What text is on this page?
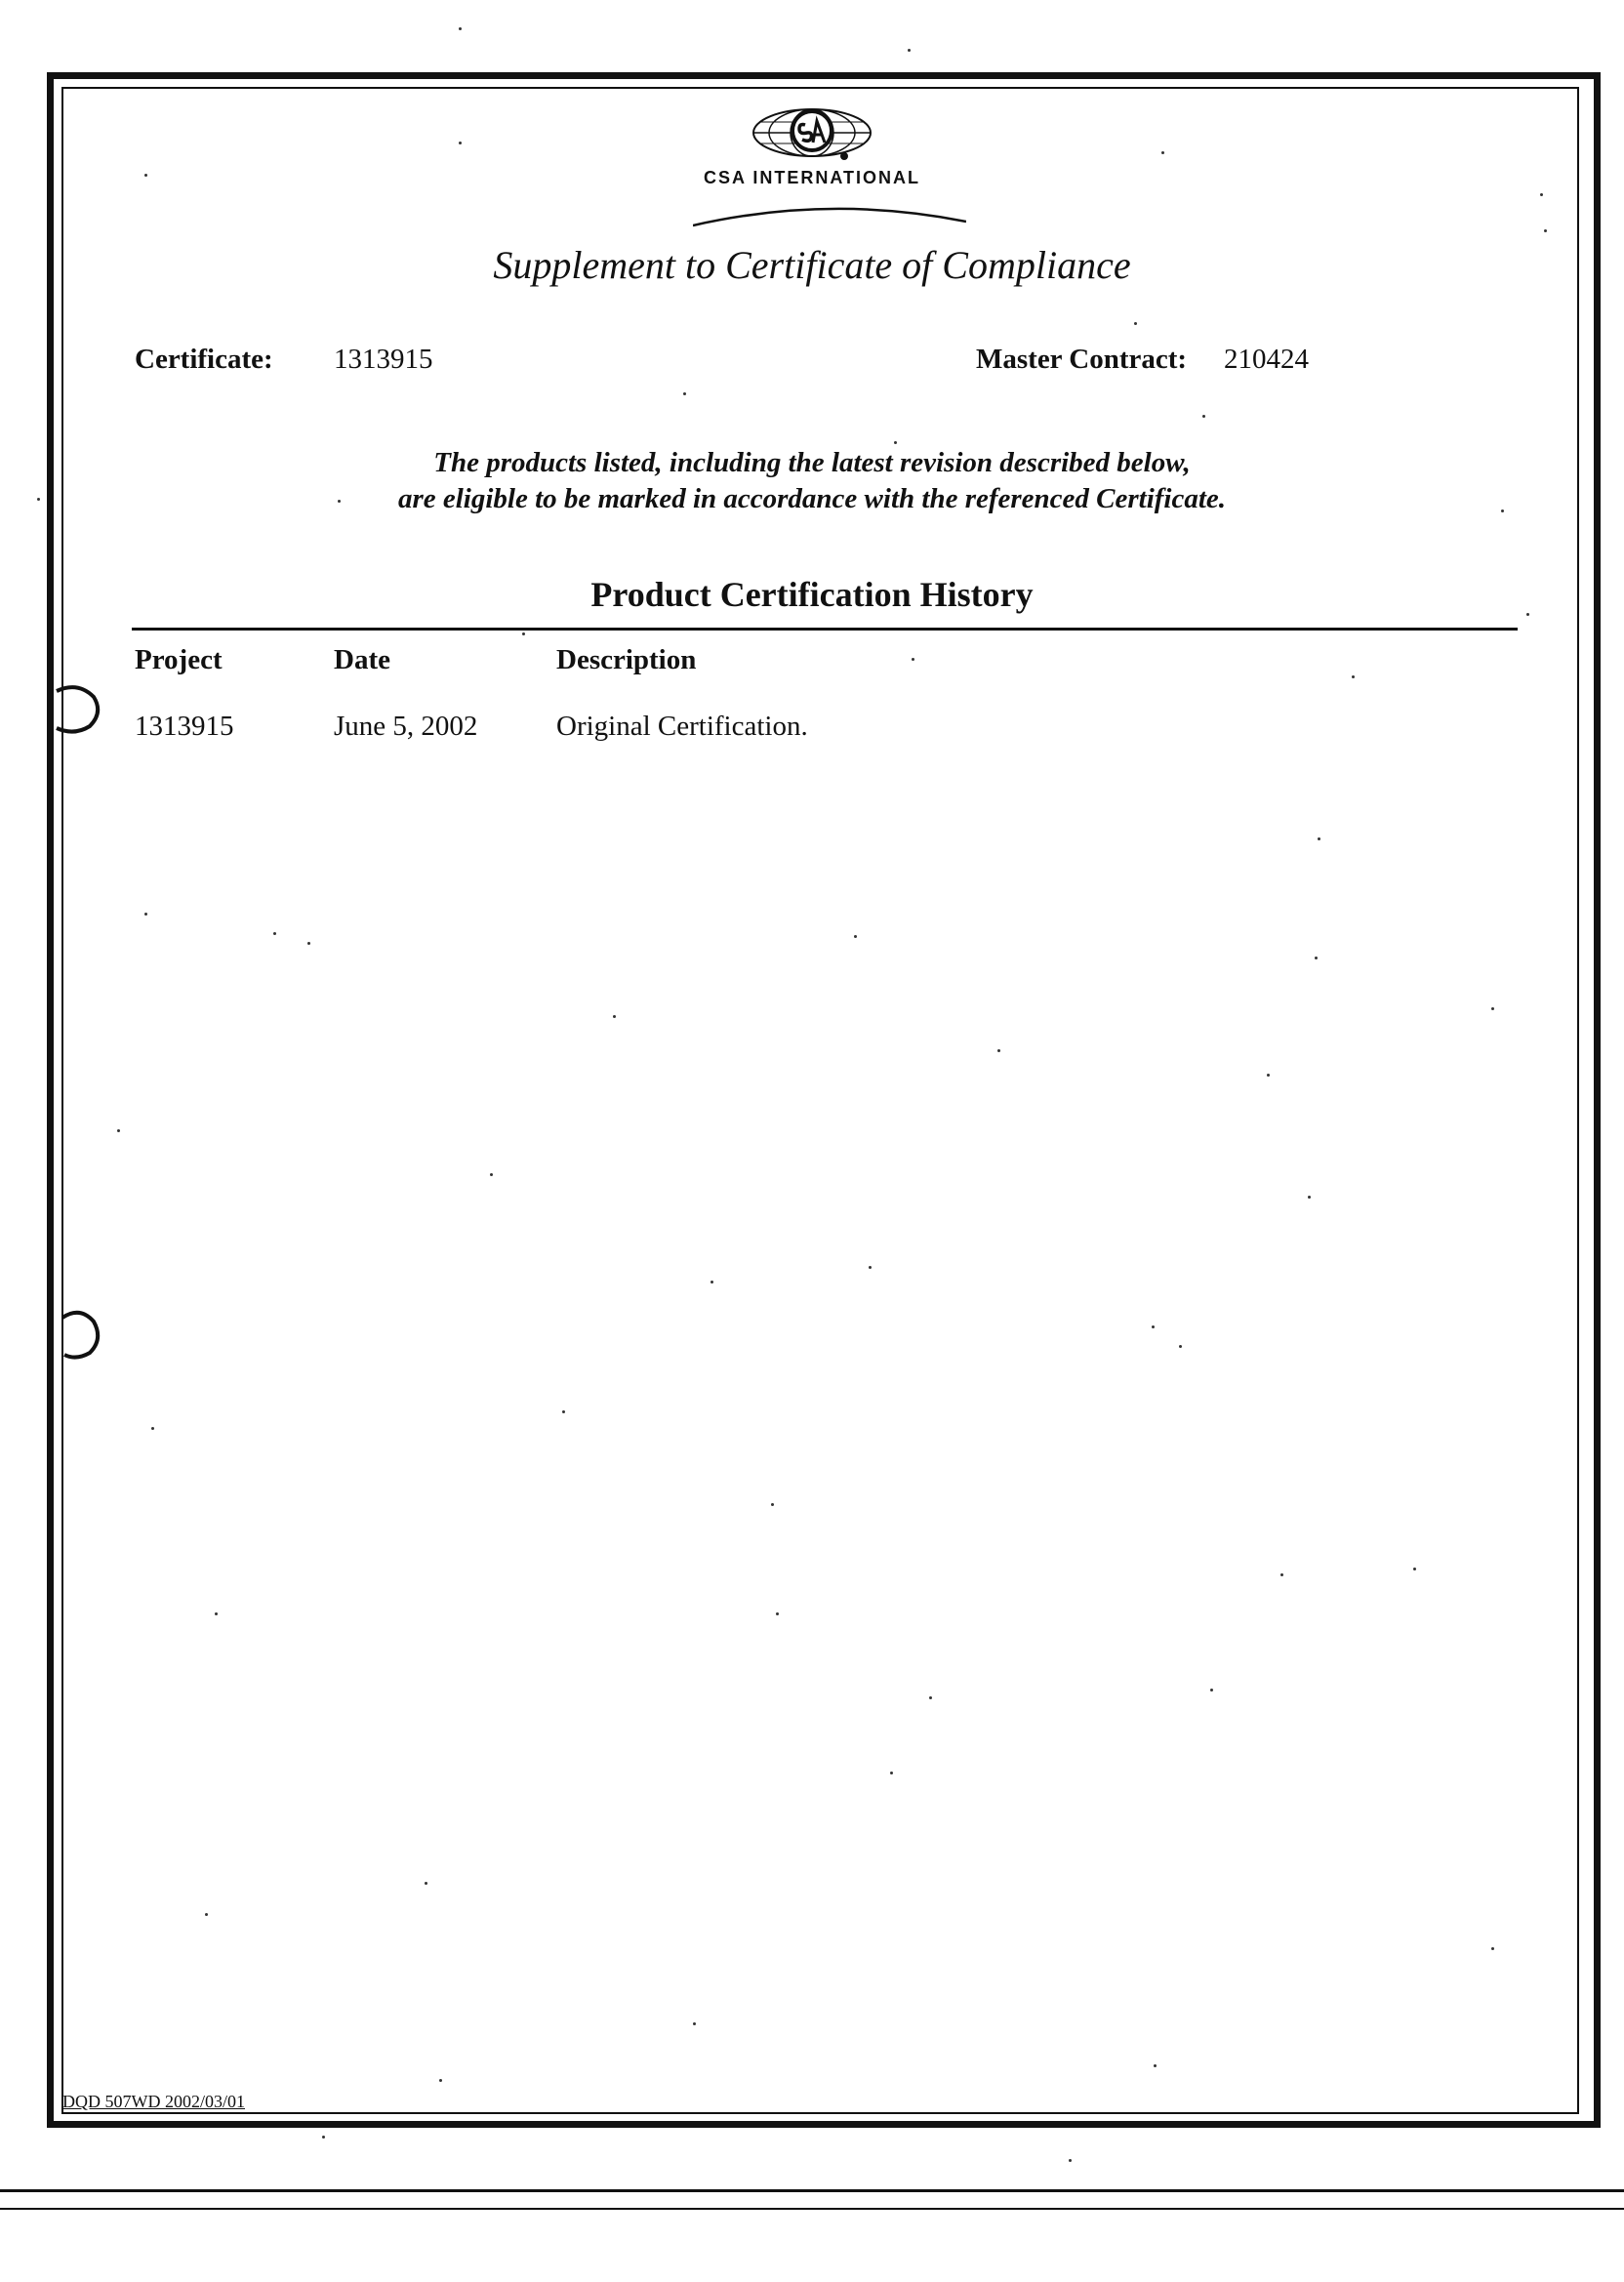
CSA INTERNATIONAL
Supplement to Certificate of Compliance
Certificate: 1313915	Master Contract: 210424
The products listed, including the latest revision described below,
are eligible to be marked in accordance with the referenced Certificate.
Product Certification History
Project	Date	Description
1313915	June 5, 2002	Original Certification.
DQD 507WD 2002/03/01
